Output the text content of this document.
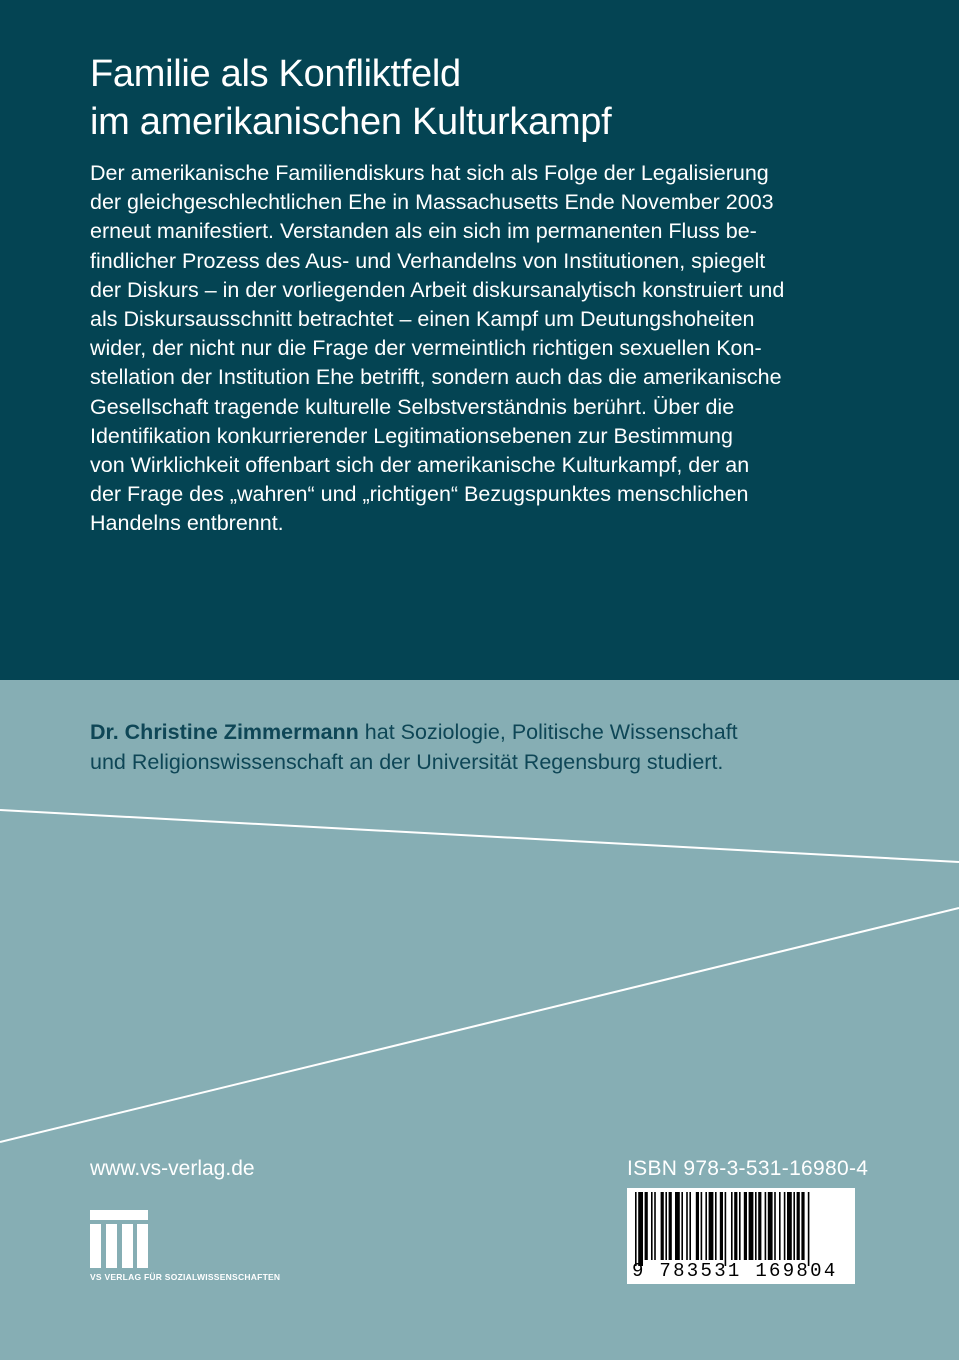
Familie als Konfliktfeld
im amerikanischen Kulturkampf

Der amerikanische Familiendiskurs hat sich als Folge der Legalisierung
der gleichgeschlechtlichen Ehe in Massachusetts Ende November 2003
erneut manifestiert. Verstanden als ein sich im permanenten Fluss be-
findlicher Prozess des Aus- und Verhandelns von Institutionen, spiegelt
der Diskurs – in der vorliegenden Arbeit diskursanalytisch konstruiert und
als Diskursausschnitt betrachtet – einen Kampf um Deutungshoheiten
wider, der nicht nur die Frage der vermeintlich richtigen sexuellen Kon-
stellation der Institution Ehe betrifft, sondern auch das die amerikanische
Gesellschaft tragende kulturelle Selbstverständnis berührt. Über die
Identifikation konkurrierender Legitimationsebenen zur Bestimmung
von Wirklichkeit offenbart sich der amerikanische Kulturkampf, der an
der Frage des „wahren“ und „richtigen“ Bezugspunktes menschlichen
Handelns entbrennt.

Dr. Christine Zimmermann hat Soziologie, Politische Wissenschaft
und Religionswissenschaft an der Universität Regensburg studiert.

www.vs-verlag.de
VS VERLAG FÜR SOZIALWISSENSCHAFTEN
ISBN 978-3-531-16980-4
9 783531 169804
